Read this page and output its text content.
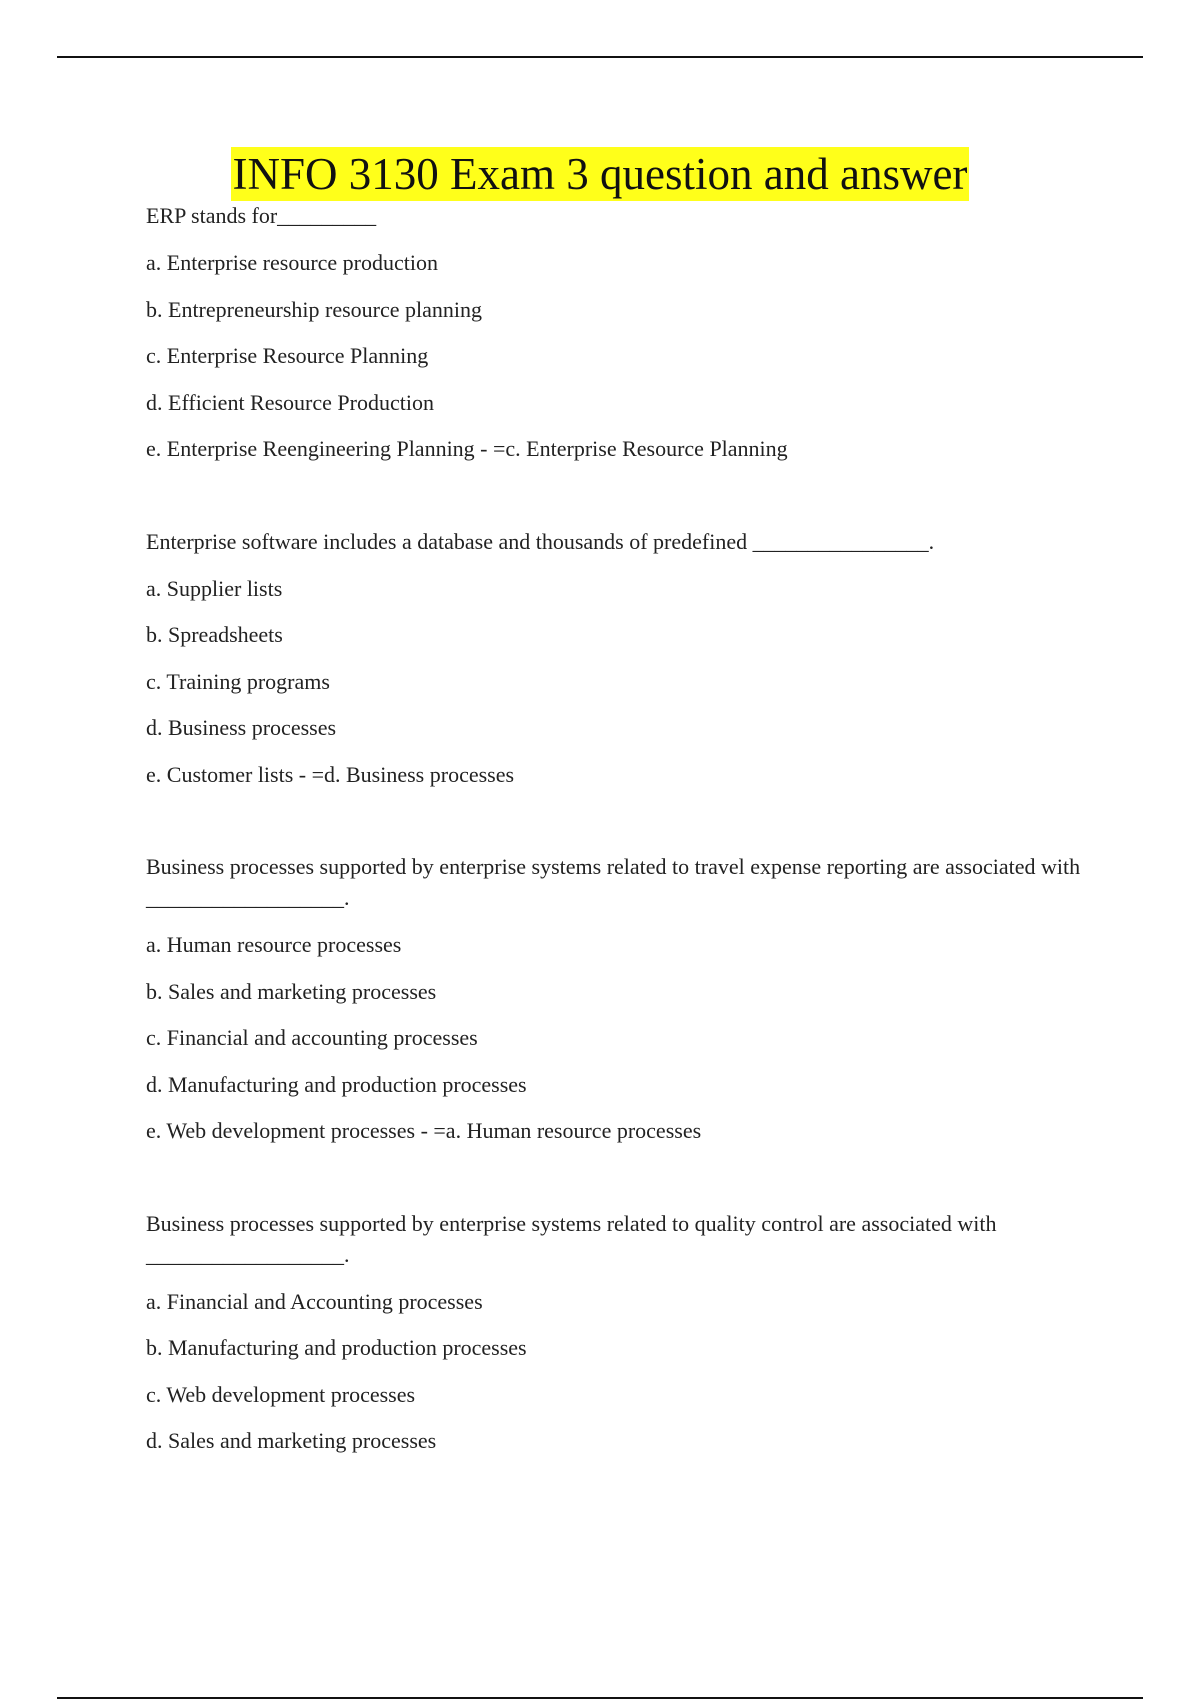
INFO 3130 Exam 3 question and answer

ERP stands for_________

a. Enterprise resource production

b. Entrepreneurship resource planning

c. Enterprise Resource Planning

d. Efficient Resource Production

e. Enterprise Reengineering Planning - =c. Enterprise Resource Planning

Enterprise software includes a database and thousands of predefined ________________.

a. Supplier lists

b. Spreadsheets

c. Training programs

d. Business processes

e. Customer lists - =d. Business processes

Business processes supported by enterprise systems related to travel expense reporting are associated with __________________.

a. Human resource processes

b. Sales and marketing processes

c. Financial and accounting processes

d. Manufacturing and production processes

e. Web development processes - =a. Human resource processes

Business processes supported by enterprise systems related to quality control are associated with __________________.

a. Financial and Accounting processes

b. Manufacturing and production processes

c. Web development processes

d. Sales and marketing processes
